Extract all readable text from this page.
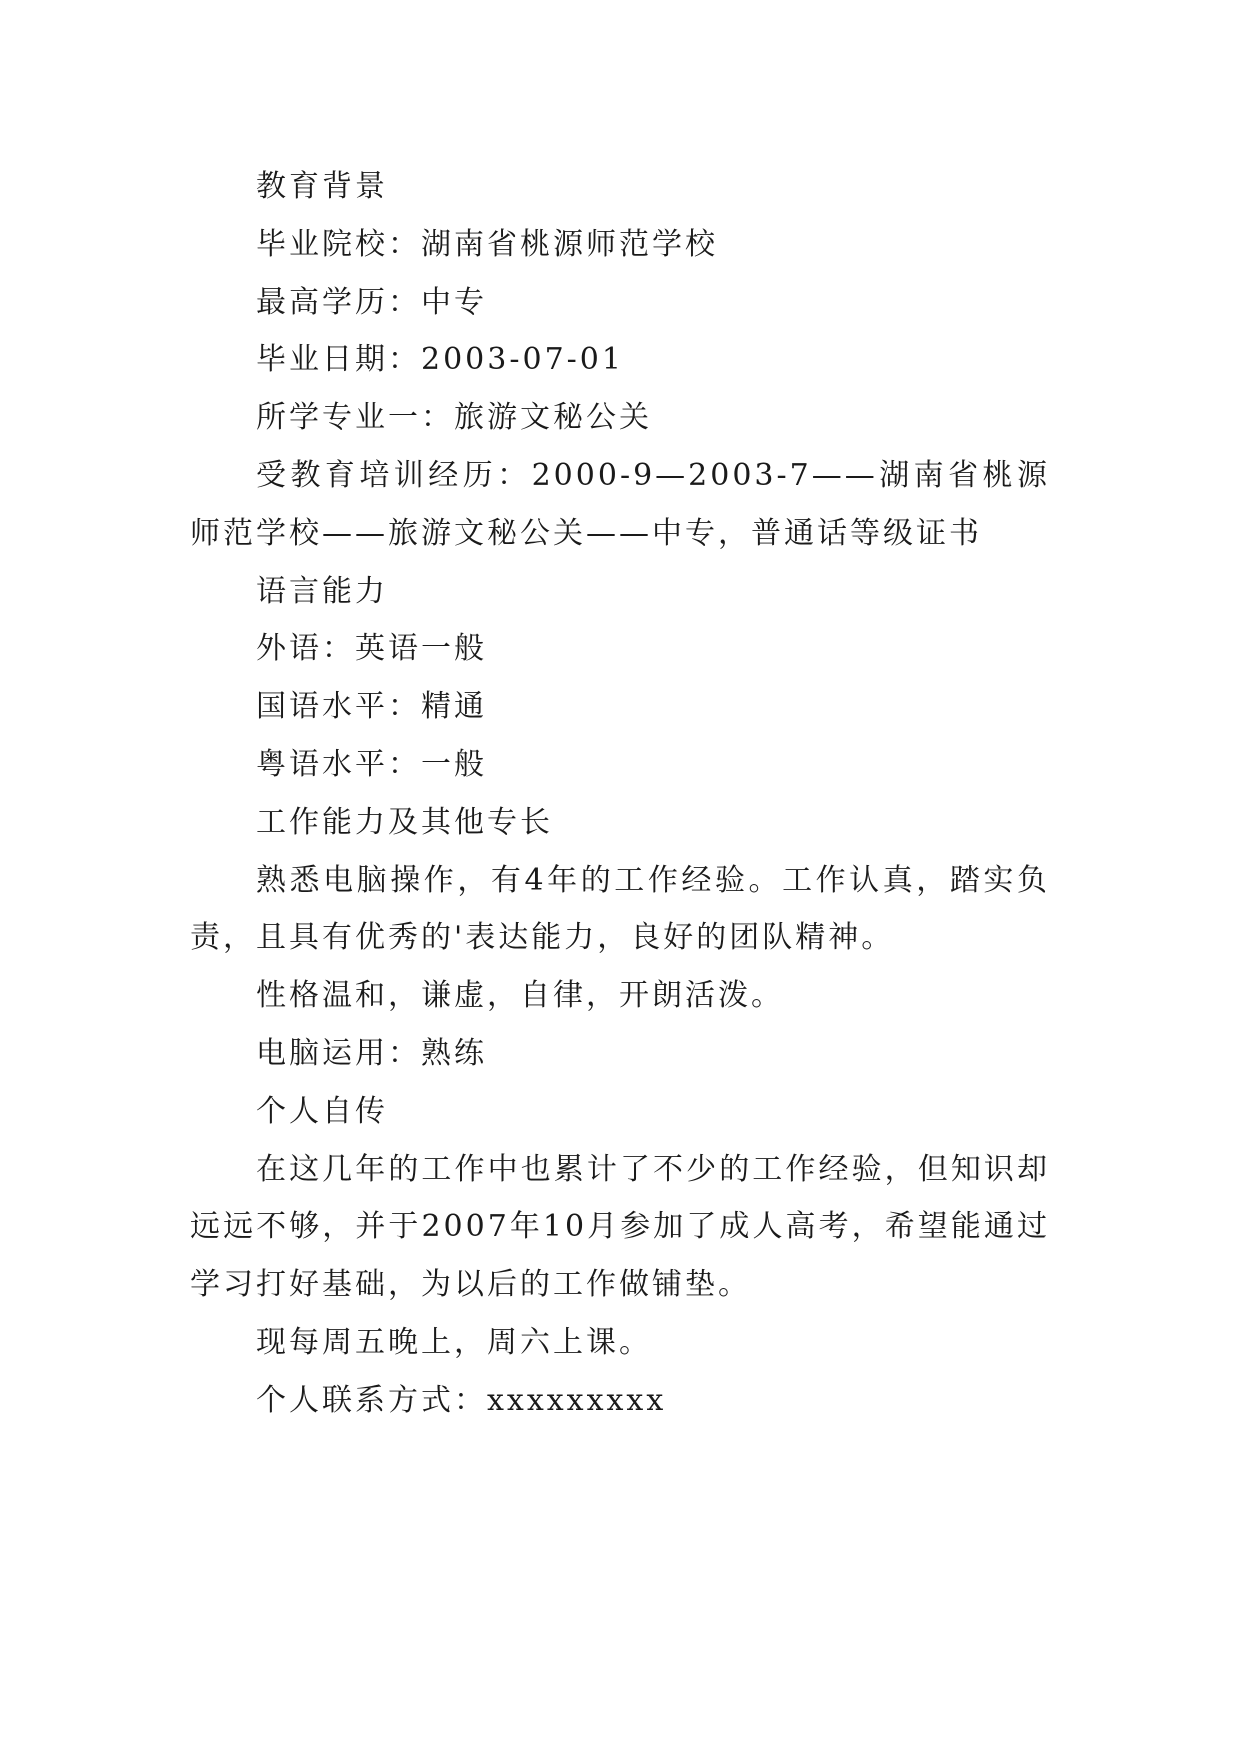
教育背景

毕业院校：湖南省桃源师范学校

最高学历：中专

毕业日期：2003-07-01

所学专业一：旅游文秘公关

受教育培训经历：2000-9—2003-7——湖南省桃源师范学校——旅游文秘公关——中专，普通话等级证书

语言能力

外语：英语一般

国语水平：精通

粤语水平：一般

工作能力及其他专长

熟悉电脑操作，有4年的工作经验。工作认真，踏实负责，且具有优秀的'表达能力，良好的团队精神。

性格温和，谦虚，自律，开朗活泼。

电脑运用：熟练

个人自传

在这几年的工作中也累计了不少的工作经验，但知识却远远不够，并于2007年10月参加了成人高考，希望能通过学习打好基础，为以后的工作做铺垫。

现每周五晚上，周六上课。

个人联系方式：xxxxxxxxx
